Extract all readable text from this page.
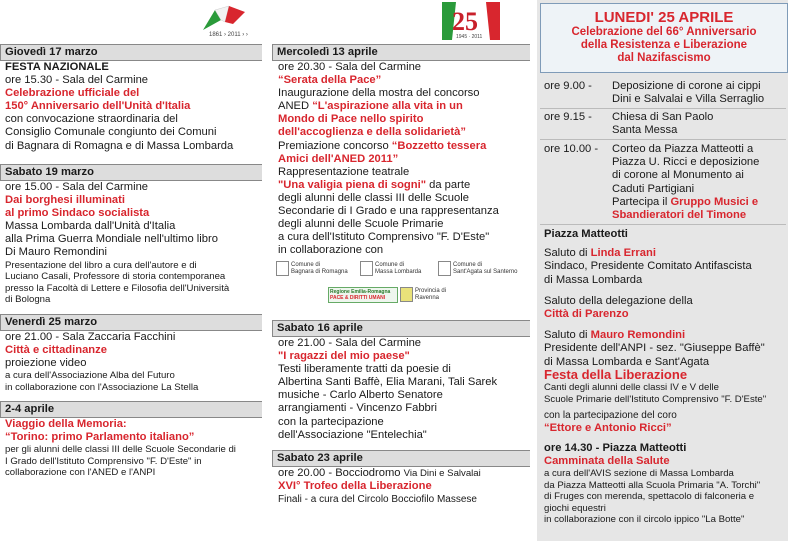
1861 › 2011 › ›
Giovedì 17 marzo
FESTA NAZIONALE
ore 15.30 - Sala del Carmine
Celebrazione ufficiale del
150° Anniversario dell'Unità d'Italia
con convocazione straordinaria del
Consiglio Comunale congiunto dei Comuni
di Bagnara di Romagna e di Massa Lombarda
Sabato 19 marzo
ore 15.00 - Sala del Carmine
Dai borghesi illuminati
al primo Sindaco socialista
Massa Lombarda dall'Unità d'Italia
alla Prima Guerra Mondiale nell'ultimo libro
Di Mauro Remondini
Presentazione del libro a cura dell'autore e di
Luciano Casali, Professore di storia contemporanea
presso la Facoltà di Lettere e Filosofia dell'Università
di Bologna
Venerdì 25 marzo
ore 21.00 - Sala Zaccaria Facchini
Città e cittadinanze
proiezione video
a cura dell'Associazione Alba del Futuro
in collaborazione con l'Associazione La Stella
2-4 aprile
Viaggio della Memoria:
“Torino: primo Parlamento italiano”
per gli alunni delle classi III delle Scuole Secondarie di
I Grado dell'Istituto Comprensivo "F. D'Este" in
collaborazione con l'ANED e l'ANPI
25
1945 · 2011
Mercoledì 13 aprile
ore 20.30 - Sala del Carmine
“Serata della Pace”
Inaugurazione della mostra del concorso
ANED “L'aspirazione alla vita in un
Mondo di Pace nello spirito
dell'accoglienza e della solidarietà”
Premiazione concorso “Bozzetto tessera
Amici dell'ANED 2011”
Rappresentazione teatrale
"Una valigia piena di sogni" da parte
degli alunni delle classi III delle Scuole
Secondarie di I Grado e una rappresentanza
degli alunni delle Scuole Primarie
a cura dell'Istituto Comprensivo "F. D'Este"
in collaborazione con
Comune di
Bagnara di Romagna
Comune di
Massa Lombarda
Comune di
Sant'Agata sul Santerno
Regione Emilia-Romagna
PACE & DIRITTI UMANI
Provincia di
Ravenna
Sabato 16 aprile
ore 21.00 - Sala del Carmine
"I ragazzi del mio paese"
Testi liberamente tratti da poesie di
Albertina Santi Baffè, Elia Marani, Tali Sarek
musiche - Carlo Alberto Senatore
arrangiamenti - Vincenzo Fabbri
con la partecipazione
dell'Associazione "Entelechia"
Sabato 23 aprile
ore 20.00 - Bocciodromo Via Dini e Salvalai
XVI° Trofeo della Liberazione
Finali - a cura del Circolo Bocciofilo Massese
LUNEDI' 25 APRILE
Celebrazione del 66° Anniversario
della Resistenza e Liberazione
dal Nazifascismo
ore 9.00 - Deposizione di corone ai cippi
Dini e Salvalai e Villa Serraglio
ore 9.15 - Chiesa di San Paolo
Santa Messa
ore 10.00 - Corteo da Piazza Matteotti a
Piazza U. Ricci e deposizione
di corone al Monumento ai
Caduti Partigiani
Partecipa il Gruppo Musici e
Sbandieratori del Timone
Piazza Matteotti
Saluto di Linda Errani
Sindaco, Presidente Comitato Antifascista
di Massa Lombarda
Saluto della delegazione della
Città di Parenzo
Saluto di Mauro Remondini
Presidente dell'ANPI - sez. "Giuseppe Baffè"
di Massa Lombarda e Sant'Agata
Festa della Liberazione
Canti degli alunni delle classi IV e V delle
Scuole Primarie dell'Istituto Comprensivo "F. D'Este"
con la partecipazione del coro
“Ettore e Antonio Ricci”
ore 14.30 - Piazza Matteotti
Camminata della Salute
a cura dell'AVIS sezione di Massa Lombarda
da Piazza Matteotti alla Scuola Primaria "A. Torchi"
di Fruges con merenda, spettacolo di falconeria e
giochi equestri
in collaborazione con il circolo ippico "La Botte"
